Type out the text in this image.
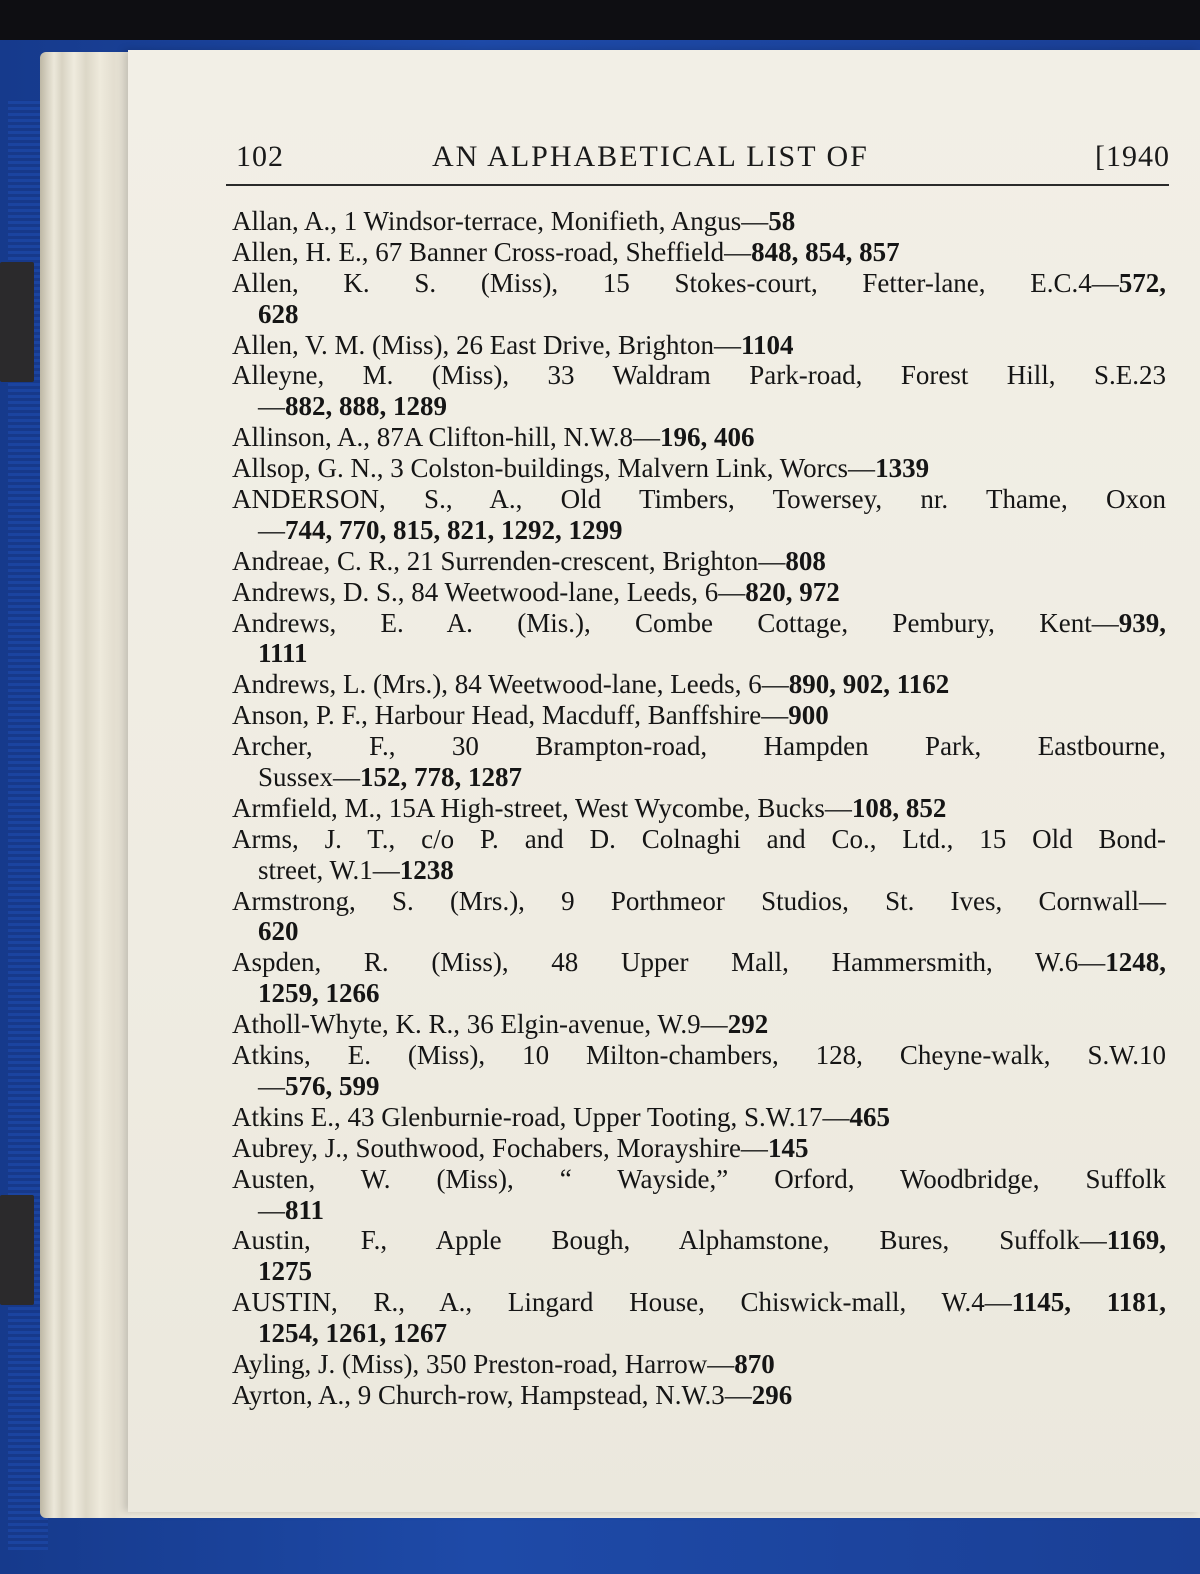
102	AN ALPHABETICAL LIST OF	[1940
Allan, A., 1 Windsor-terrace, Monifieth, Angus—58
Allen, H. E., 67 Banner Cross-road, Sheffield—848, 854, 857
Allen, K. S. (Miss), 15 Stokes-court, Fetter-lane, E.C.4—572,
628
Allen, V. M. (Miss), 26 East Drive, Brighton—1104
Alleyne, M. (Miss), 33 Waldram Park-road, Forest Hill, S.E.23
—882, 888, 1289
Allinson, A., 87A Clifton-hill, N.W.8—196, 406
Allsop, G. N., 3 Colston-buildings, Malvern Link, Worcs—1339
ANDERSON, S., A., Old Timbers, Towersey, nr. Thame, Oxon
—744, 770, 815, 821, 1292, 1299
Andreae, C. R., 21 Surrenden-crescent, Brighton—808
Andrews, D. S., 84 Weetwood-lane, Leeds, 6—820, 972
Andrews, E. A. (Mis.), Combe Cottage, Pembury, Kent—939,
1111
Andrews, L. (Mrs.), 84 Weetwood-lane, Leeds, 6—890, 902, 1162
Anson, P. F., Harbour Head, Macduff, Banffshire—900
Archer, F., 30 Brampton-road, Hampden Park, Eastbourne,
Sussex—152, 778, 1287
Armfield, M., 15A High-street, West Wycombe, Bucks—108, 852
Arms, J. T., c/o P. and D. Colnaghi and Co., Ltd., 15 Old Bond-
street, W.1—1238
Armstrong, S. (Mrs.), 9 Porthmeor Studios, St. Ives, Cornwall—
620
Aspden, R. (Miss), 48 Upper Mall, Hammersmith, W.6—1248,
1259, 1266
Atholl-Whyte, K. R., 36 Elgin-avenue, W.9—292
Atkins, E. (Miss), 10 Milton-chambers, 128, Cheyne-walk, S.W.10
—576, 599
Atkins E., 43 Glenburnie-road, Upper Tooting, S.W.17—465
Aubrey, J., Southwood, Fochabers, Morayshire—145
Austen, W. (Miss), “ Wayside,” Orford, Woodbridge, Suffolk
—811
Austin, F., Apple Bough, Alphamstone, Bures, Suffolk—1169,
1275
AUSTIN, R., A., Lingard House, Chiswick-mall, W.4—1145, 1181,
1254, 1261, 1267
Ayling, J. (Miss), 350 Preston-road, Harrow—870
Ayrton, A., 9 Church-row, Hampstead, N.W.3—296
